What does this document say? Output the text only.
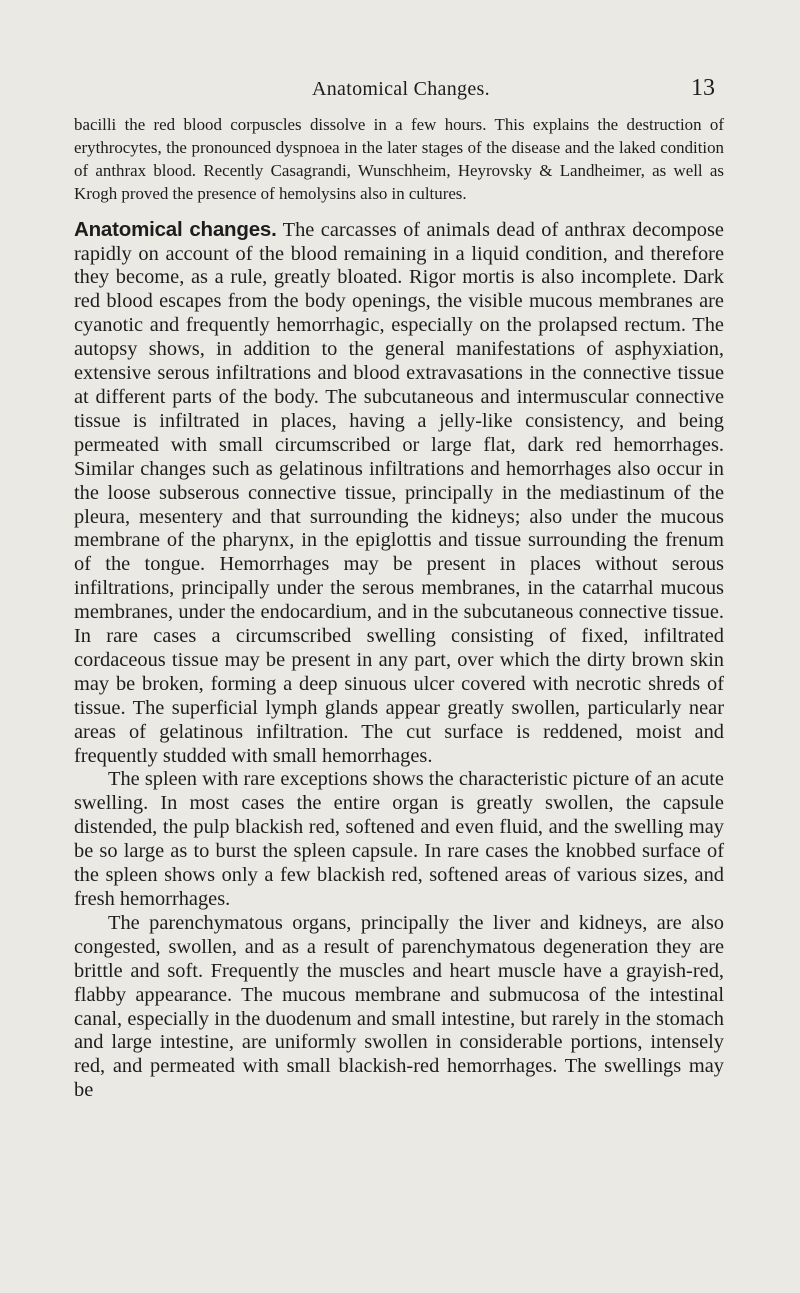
Anatomical Changes.	13

bacilli the red blood corpuscles dissolve in a few hours. This explains the destruction of erythrocytes, the pronounced dyspnoea in the later stages of the disease and the laked condition of anthrax blood. Recently Casagrandi, Wunschheim, Heyrovsky & Landheimer, as well as Krogh proved the presence of hemolysins also in cultures.

Anatomical changes. The carcasses of animals dead of anthrax decompose rapidly on account of the blood remaining in a liquid condition, and therefore they become, as a rule, greatly bloated. Rigor mortis is also incomplete. Dark red blood escapes from the body openings, the visible mucous membranes are cyanotic and frequently hemorrhagic, especially on the prolapsed rectum. The autopsy shows, in addition to the general manifestations of asphyxiation, extensive serous infiltrations and blood extravasations in the connective tissue at different parts of the body. The subcutaneous and intermuscular connective tissue is infiltrated in places, having a jelly-like consistency, and being permeated with small circumscribed or large flat, dark red hemorrhages. Similar changes such as gelatinous infiltrations and hemorrhages also occur in the loose subserous connective tissue, principally in the mediastinum of the pleura, mesentery and that surrounding the kidneys; also under the mucous membrane of the pharynx, in the epiglottis and tissue surrounding the frenum of the tongue. Hemorrhages may be present in places without serous infiltrations, principally under the serous membranes, in the catarrhal mucous membranes, under the endocardium, and in the subcutaneous connective tissue. In rare cases a circumscribed swelling consisting of fixed, infiltrated cordaceous tissue may be present in any part, over which the dirty brown skin may be broken, forming a deep sinuous ulcer covered with necrotic shreds of tissue. The superficial lymph glands appear greatly swollen, particularly near areas of gelatinous infiltration. The cut surface is reddened, moist and frequently studded with small hemorrhages.

The spleen with rare exceptions shows the characteristic picture of an acute swelling. In most cases the entire organ is greatly swollen, the capsule distended, the pulp blackish red, softened and even fluid, and the swelling may be so large as to burst the spleen capsule. In rare cases the knobbed surface of the spleen shows only a few blackish red, softened areas of various sizes, and fresh hemorrhages.

The parenchymatous organs, principally the liver and kidneys, are also congested, swollen, and as a result of parenchymatous degeneration they are brittle and soft. Frequently the muscles and heart muscle have a grayish-red, flabby appearance. The mucous membrane and submucosa of the intestinal canal, especially in the duodenum and small intestine, but rarely in the stomach and large intestine, are uniformly swollen in considerable portions, intensely red, and permeated with small blackish-red hemorrhages. The swellings may be
